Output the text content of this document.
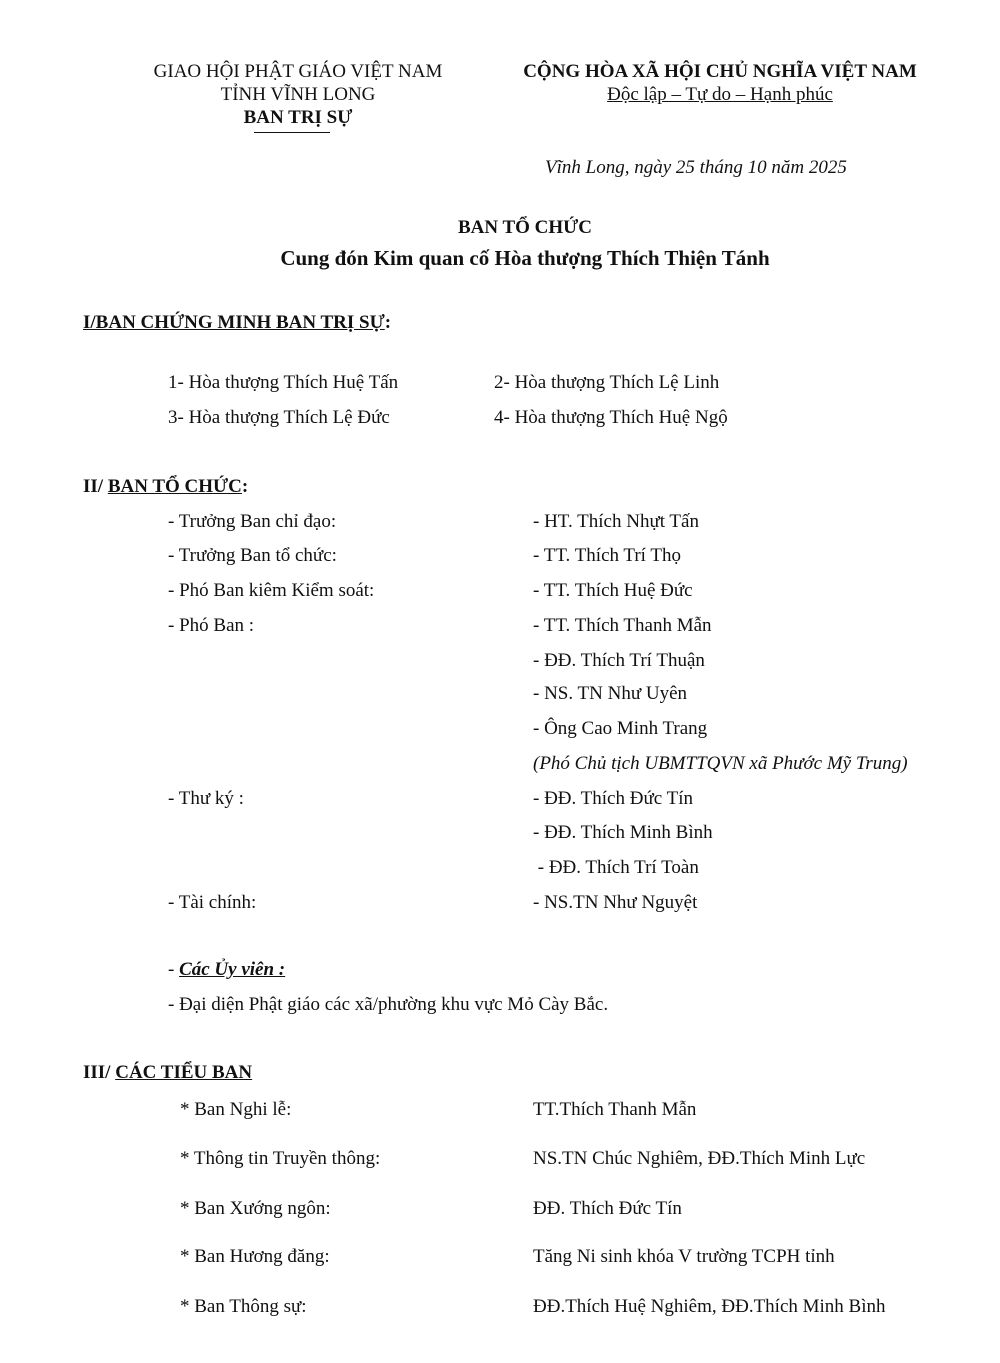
GIAO HỘI PHẬT GIÁO VIỆT NAM
TỈNH VĨNH LONG
BAN TRỊ SỰ
CỘNG HÒA XÃ HỘI CHỦ NGHĨA VIỆT NAM
Độc lập – Tự do – Hạnh phúc
Vĩnh Long, ngày 25 tháng 10 năm 2025
BAN TỔ CHỨC
Cung đón Kim quan cố Hòa thượng Thích Thiện Tánh
I/BAN CHỨNG MINH BAN TRỊ SỰ:
1- Hòa thượng Thích Huệ Tấn	2- Hòa thượng Thích Lệ Linh
3- Hòa thượng Thích Lệ Đức	4- Hòa thượng Thích Huệ Ngộ
II/ BAN TỔ CHỨC:
- Trưởng Ban chỉ đạo:	- HT. Thích Nhựt Tấn
- Trưởng Ban tổ chức:	- TT. Thích Trí Thọ
- Phó Ban kiêm Kiểm soát:	- TT. Thích Huệ Đức
- Phó Ban :	- TT. Thích Thanh Mẫn
- ĐĐ. Thích Trí Thuận
- NS. TN Như Uyên
- Ông Cao Minh Trang
(Phó Chủ tịch UBMTTQVN xã Phước Mỹ Trung)
- Thư ký :	- ĐĐ. Thích Đức Tín
- ĐĐ. Thích Minh Bình
- ĐĐ. Thích Trí Toàn
- Tài chính:	- NS.TN Như Nguyệt
- Các Ủy viên :
- Đại diện Phật giáo các xã/phường khu vực Mỏ Cày Bắc.
III/ CÁC TIỂU BAN
* Ban Nghi lễ:	TT.Thích Thanh Mẫn
* Thông tin Truyền thông:	NS.TN Chúc Nghiêm, ĐĐ.Thích Minh Lực
* Ban Xướng ngôn:	ĐĐ. Thích Đức Tín
* Ban Hương đăng:	Tăng Ni sinh khóa V trường TCPH tỉnh
* Ban Thông sự:	ĐĐ.Thích Huệ Nghiêm, ĐĐ.Thích Minh Bình
